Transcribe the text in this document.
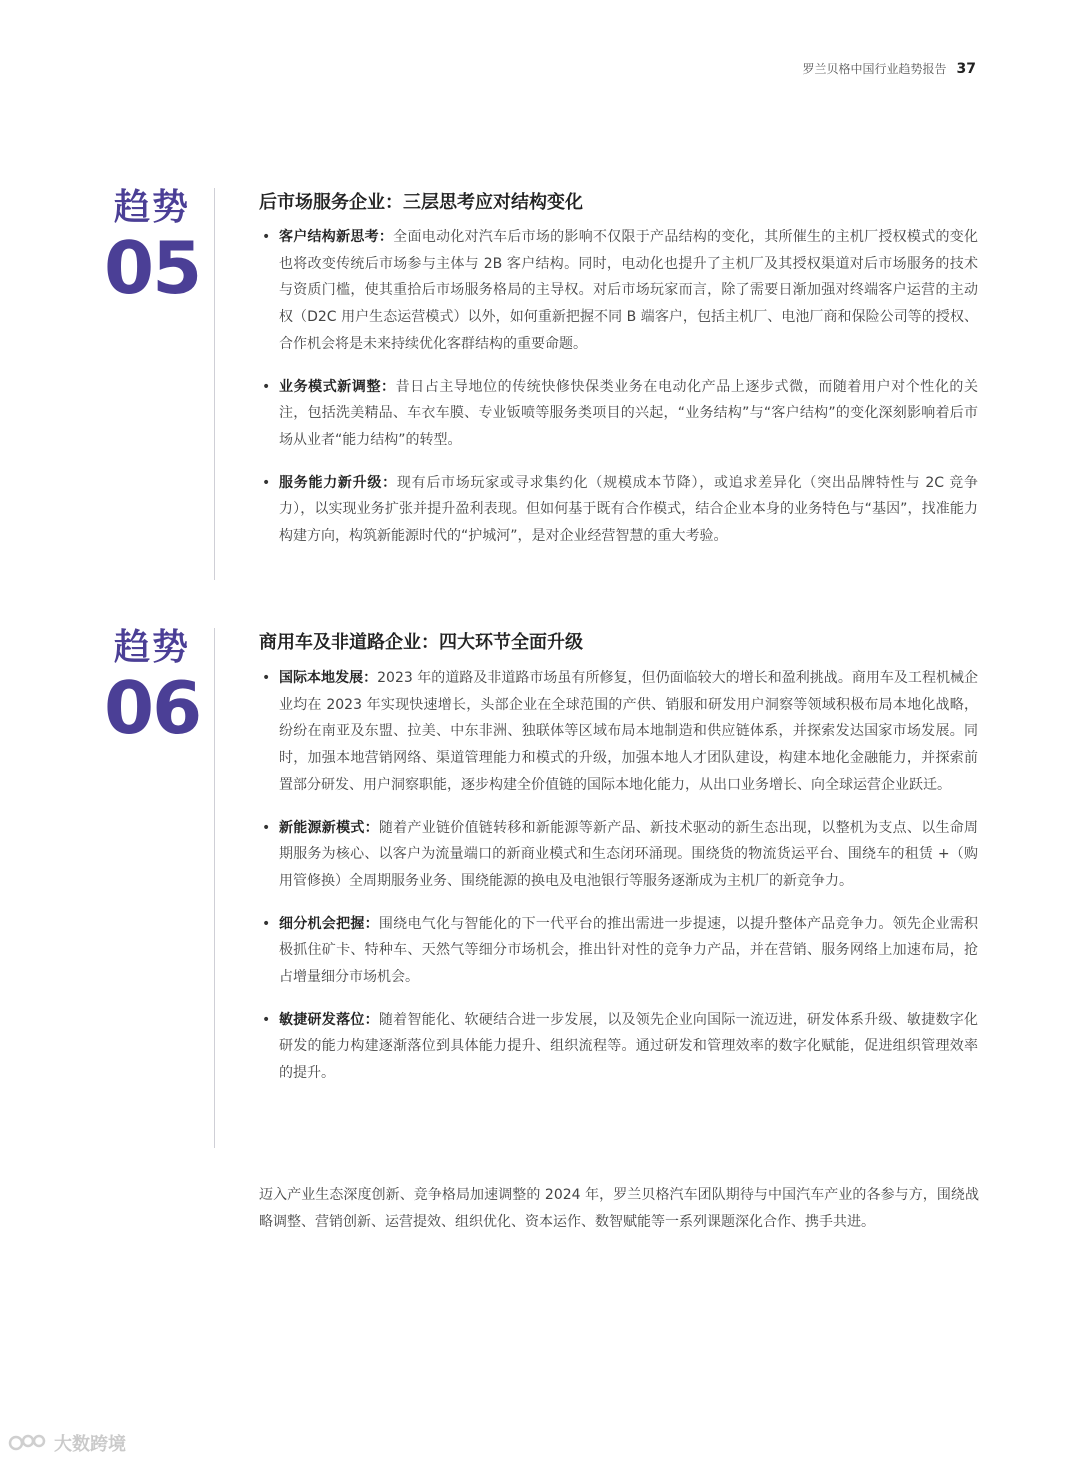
罗兰贝格中国行业趋势报告 37
趋势
05
后市场服务企业：三层思考应对结构变化

• 客户结构新思考：全面电动化对汽车后市场的影响不仅限于产品结构的变化，其所催生的主机厂授权模式的变化也将改变传统后市场参与主体与 2B 客户结构。同时，电动化也提升了主机厂及其授权渠道对后市场服务的技术与资质门槛，使其重拾后市场服务格局的主导权。对后市场玩家而言，除了需要日渐加强对终端客户运营的主动权（D2C 用户生态运营模式）以外，如何重新把握不同 B 端客户，包括主机厂、电池厂商和保险公司等的授权、合作机会将是未来持续优化客群结构的重要命题。

• 业务模式新调整：昔日占主导地位的传统快修快保类业务在电动化产品上逐步式微，而随着用户对个性化的关注，包括洗美精品、车衣车膜、专业钣喷等服务类项目的兴起，“业务结构”与“客户结构”的变化深刻影响着后市场从业者“能力结构”的转型。

• 服务能力新升级：现有后市场玩家或寻求集约化（规模成本节降），或追求差异化（突出品牌特性与 2C 竞争力），以实现业务扩张并提升盈利表现。但如何基于既有合作模式，结合企业本身的业务特色与“基因”，找准能力构建方向，构筑新能源时代的“护城河”，是对企业经营智慧的重大考验。

趋势
06
商用车及非道路企业：四大环节全面升级

• 国际本地发展：2023 年的道路及非道路市场虽有所修复，但仍面临较大的增长和盈利挑战。商用车及工程机械企业均在 2023 年实现快速增长，头部企业在全球范围的产供、销服和研发用户洞察等领域积极布局本地化战略，纷纷在南亚及东盟、拉美、中东非洲、独联体等区域布局本地制造和供应链体系，并探索发达国家市场发展。同时，加强本地营销网络、渠道管理能力和模式的升级，加强本地人才团队建设，构建本地化金融能力，并探索前置部分研发、用户洞察职能，逐步构建全价值链的国际本地化能力，从出口业务增长、向全球运营企业跃迁。

• 新能源新模式：随着产业链价值链转移和新能源等新产品、新技术驱动的新生态出现，以整机为支点、以生命周期服务为核心、以客户为流量端口的新商业模式和生态闭环涌现。围绕货的物流货运平台、围绕车的租赁 +（购用管修换）全周期服务业务、围绕能源的换电及电池银行等服务逐渐成为主机厂的新竞争力。

• 细分机会把握：围绕电气化与智能化的下一代平台的推出需进一步提速，以提升整体产品竞争力。领先企业需积极抓住矿卡、特种车、天然气等细分市场机会，推出针对性的竞争力产品，并在营销、服务网络上加速布局，抢占增量细分市场机会。

• 敏捷研发落位：随着智能化、软硬结合进一步发展，以及领先企业向国际一流迈进，研发体系升级、敏捷数字化研发的能力构建逐渐落位到具体能力提升、组织流程等。通过研发和管理效率的数字化赋能，促进组织管理效率的提升。

迈入产业生态深度创新、竞争格局加速调整的 2024 年，罗兰贝格汽车团队期待与中国汽车产业的各参与方，围绕战略调整、营销创新、运营提效、组织优化、资本运作、数智赋能等一系列课题深化合作、携手共进。

大数跨境
